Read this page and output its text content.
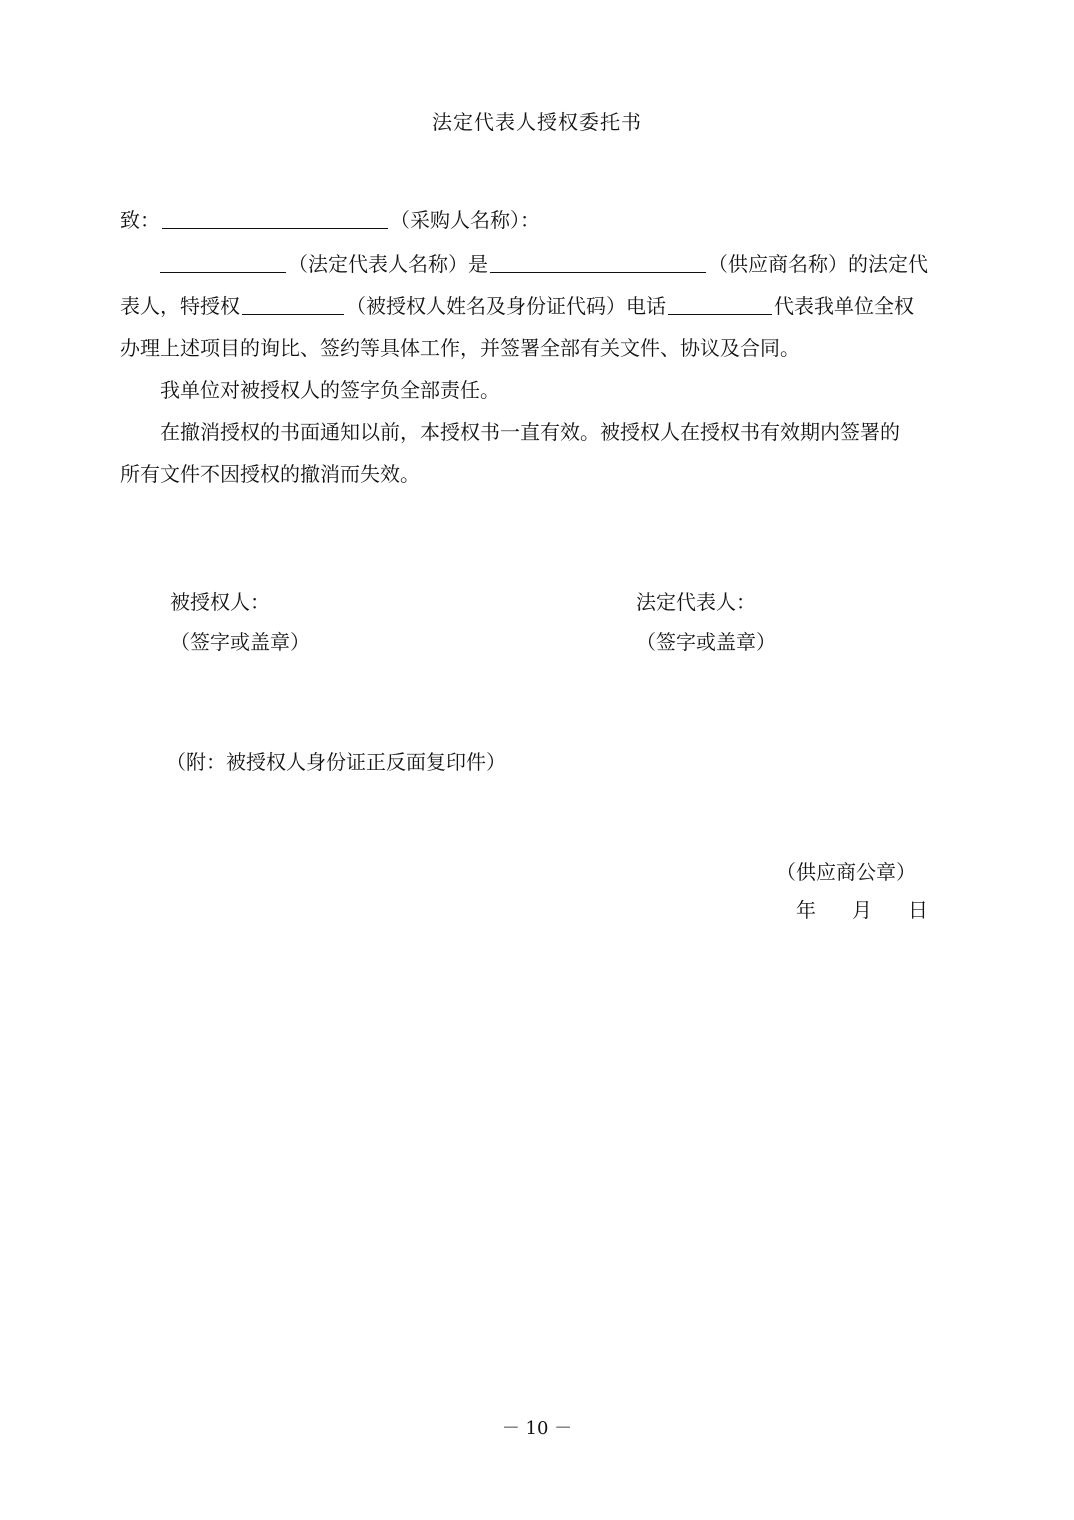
法定代表人授权委托书
致：	（采购人名称）：
（法定代表人名称）是	（供应商名称）的法定代
表人，特授权	（被授权人姓名及身份证代码）电话	代表我单位全权
办理上述项目的询比、签约等具体工作，并签署全部有关文件、协议及合同。
我单位对被授权人的签字负全部责任。
在撤消授权的书面通知以前，本授权书一直有效。被授权人在授权书有效期内签署的
所有文件不因授权的撤消而失效。
被授权人：
（签字或盖章）
法定代表人：
（签字或盖章）
（附：被授权人身份证正反面复印件）
（供应商公章）
年 月 日
－ 10 －
